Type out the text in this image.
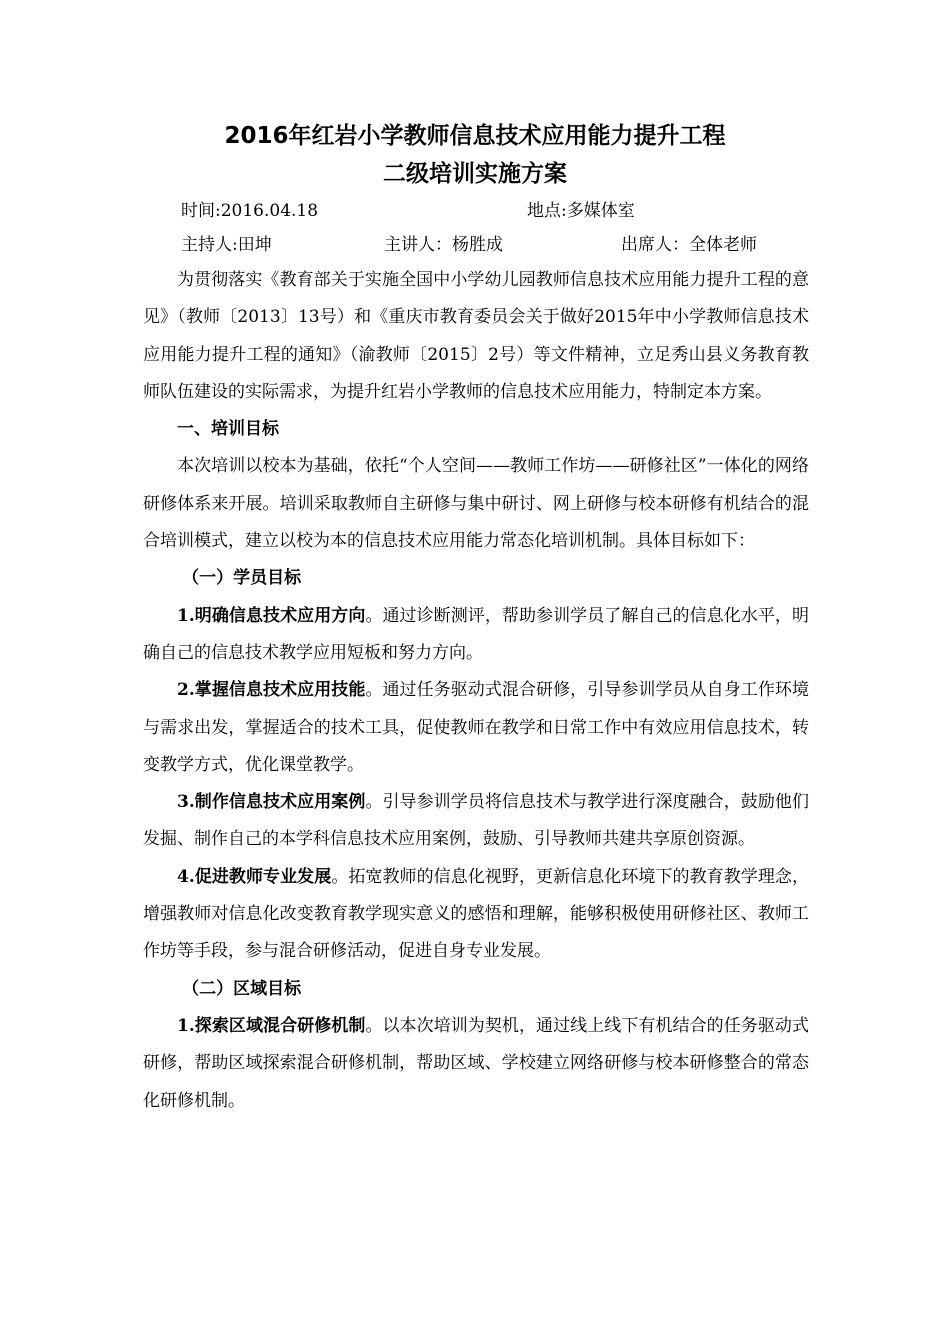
2016年红岩小学教师信息技术应用能力提升工程
二级培训实施方案
时间:2016.04.18	地点:多媒体室
主持人:田坤	主讲人：杨胜成	出席人：全体老师

为贯彻落实《教育部关于实施全国中小学幼儿园教师信息技术应用能力提升工程的意见》（教师〔2013〕13号）和《重庆市教育委员会关于做好2015年中小学教师信息技术应用能力提升工程的通知》（渝教师〔2015〕2号）等文件精神，立足秀山县义务教育教师队伍建设的实际需求，为提升红岩小学教师的信息技术应用能力，特制定本方案。

一、培训目标

本次培训以校本为基础，依托“个人空间——教师工作坊——研修社区”一体化的网络研修体系来开展。培训采取教师自主研修与集中研讨、网上研修与校本研修有机结合的混合培训模式，建立以校为本的信息技术应用能力常态化培训机制。具体目标如下：

（一）学员目标

1.明确信息技术应用方向。通过诊断测评，帮助参训学员了解自己的信息化水平，明确自己的信息技术教学应用短板和努力方向。

2.掌握信息技术应用技能。通过任务驱动式混合研修，引导参训学员从自身工作环境与需求出发，掌握适合的技术工具，促使教师在教学和日常工作中有效应用信息技术，转变教学方式，优化课堂教学。

3.制作信息技术应用案例。引导参训学员将信息技术与教学进行深度融合，鼓励他们发掘、制作自己的本学科信息技术应用案例，鼓励、引导教师共建共享原创资源。

4.促进教师专业发展。拓宽教师的信息化视野，更新信息化环境下的教育教学理念，增强教师对信息化改变教育教学现实意义的感悟和理解，能够积极使用研修社区、教师工作坊等手段，参与混合研修活动，促进自身专业发展。

（二）区域目标

1.探索区域混合研修机制。以本次培训为契机，通过线上线下有机结合的任务驱动式研修，帮助区域探索混合研修机制，帮助区域、学校建立网络研修与校本研修整合的常态化研修机制。
